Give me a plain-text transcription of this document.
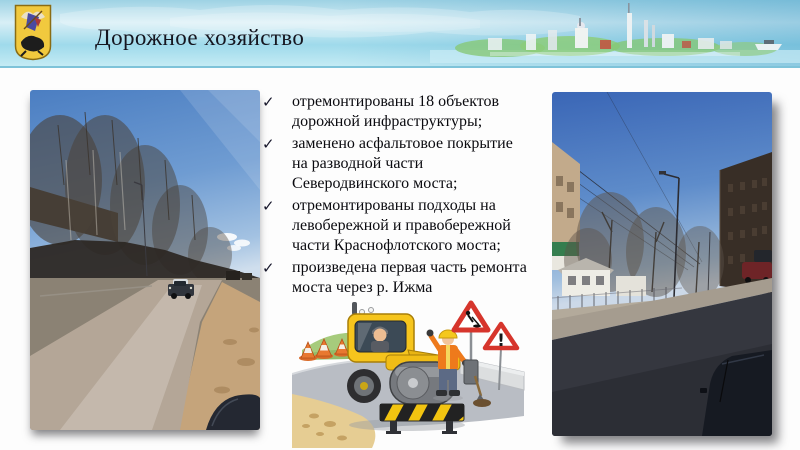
Дорожное хозяйство
✓	отремонтированы 18 объектов дорожной инфраструктуры;
✓	заменено асфальтовое покрытие на разводной части Северодвинского моста;
✓	отремонтированы подходы на левобережной и правобережной части Краснофлотского моста;
✓	произведена первая часть ремонта моста через р. Ижма
!
